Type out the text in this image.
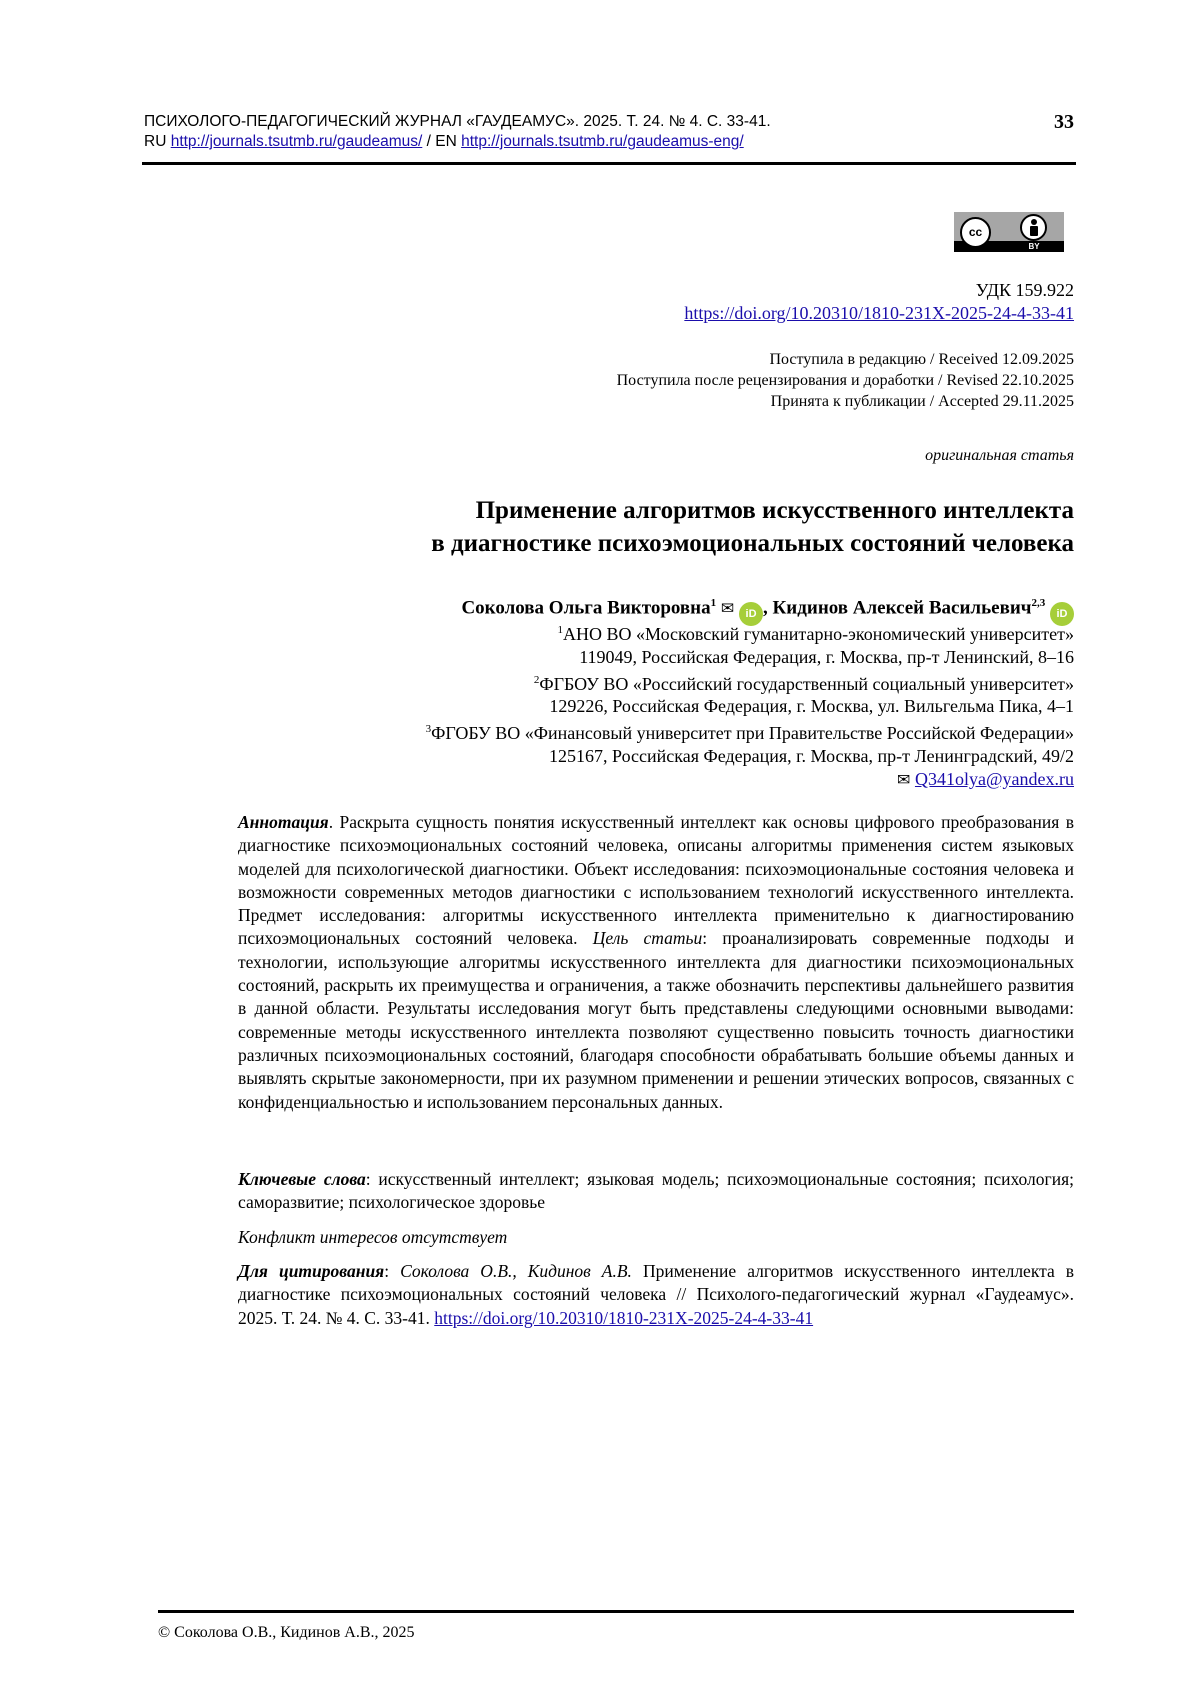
ПСИХОЛОГО-ПЕДАГОГИЧЕСКИЙ ЖУРНАЛ «ГАУДЕАМУС». 2025. Т. 24. № 4. С. 33-41.
RU http://journals.tsutmb.ru/gaudeamus/ / EN http://journals.tsutmb.ru/gaudeamus-eng/
33
cc
BY
УДК 159.922
https://doi.org/10.20310/1810-231X-2025-24-4-33-41
Поступила в редакцию / Received 12.09.2025
Поступила после рецензирования и доработки / Revised 22.10.2025
Принята к публикации / Accepted 29.11.2025
оригинальная статья
Применение алгоритмов искусственного интеллекта
в диагностике психоэмоциональных состояний человека
Соколова Ольга Викторовна$^1$ ✉ iD , Кидинов Алексей Васильевич$^{2,3}$ iD
$^1$АНО ВО «Московский гуманитарно-экономический университет»
119049, Российская Федерация, г. Москва, пр-т Ленинский, 8–16
$^2$ФГБОУ ВО «Российский государственный социальный университет»
129226, Российская Федерация, г. Москва, ул. Вильгельма Пика, 4–1
$^3$ФГОБУ ВО «Финансовый университет при Правительстве Российской Федерации»
125167, Российская Федерация, г. Москва, пр-т Ленинградский, 49/2
✉ Q341olya@yandex.ru
Аннотация. Раскрыта сущность понятия искусственный интеллект как основы цифрового преобразования в диагностике психоэмоциональных состояний человека, описаны алгоритмы применения систем языковых моделей для психологической диагностики. Объект исследования: психоэмоциональные состояния человека и возможности современных методов диагностики с использованием технологий искусственного интеллекта. Предмет исследования: алгоритмы искусственного интеллекта применительно к диагностированию психоэмоциональных состояний человека. Цель статьи: проанализировать современные подходы и технологии, использующие алгоритмы искусственного интеллекта для диагностики психоэмоциональных состояний, раскрыть их преимущества и ограничения, а также обозначить перспективы дальнейшего развития в данной области. Результаты исследования могут быть представлены следующими основными выводами: современные методы искусственного интеллекта позволяют существенно повысить точность диагностики различных психоэмоциональных состояний, благодаря способности обрабатывать большие объемы данных и выявлять скрытые закономерности, при их разумном применении и решении этических вопросов, связанных с конфиденциальностью и использованием персональных данных.
Ключевые слова: искусственный интеллект; языковая модель; психоэмоциональные состояния; психология; саморазвитие; психологическое здоровье
Конфликт интересов отсутствует
Для цитирования: Соколова О.В., Кидинов А.В. Применение алгоритмов искусственного интеллекта в диагностике психоэмоциональных состояний человека // Психолого-педагогический журнал «Гаудеамус». 2025. Т. 24. № 4. С. 33-41. https://doi.org/10.20310/1810-231X-2025-24-4-33-41
© Соколова О.В., Кидинов А.В., 2025
